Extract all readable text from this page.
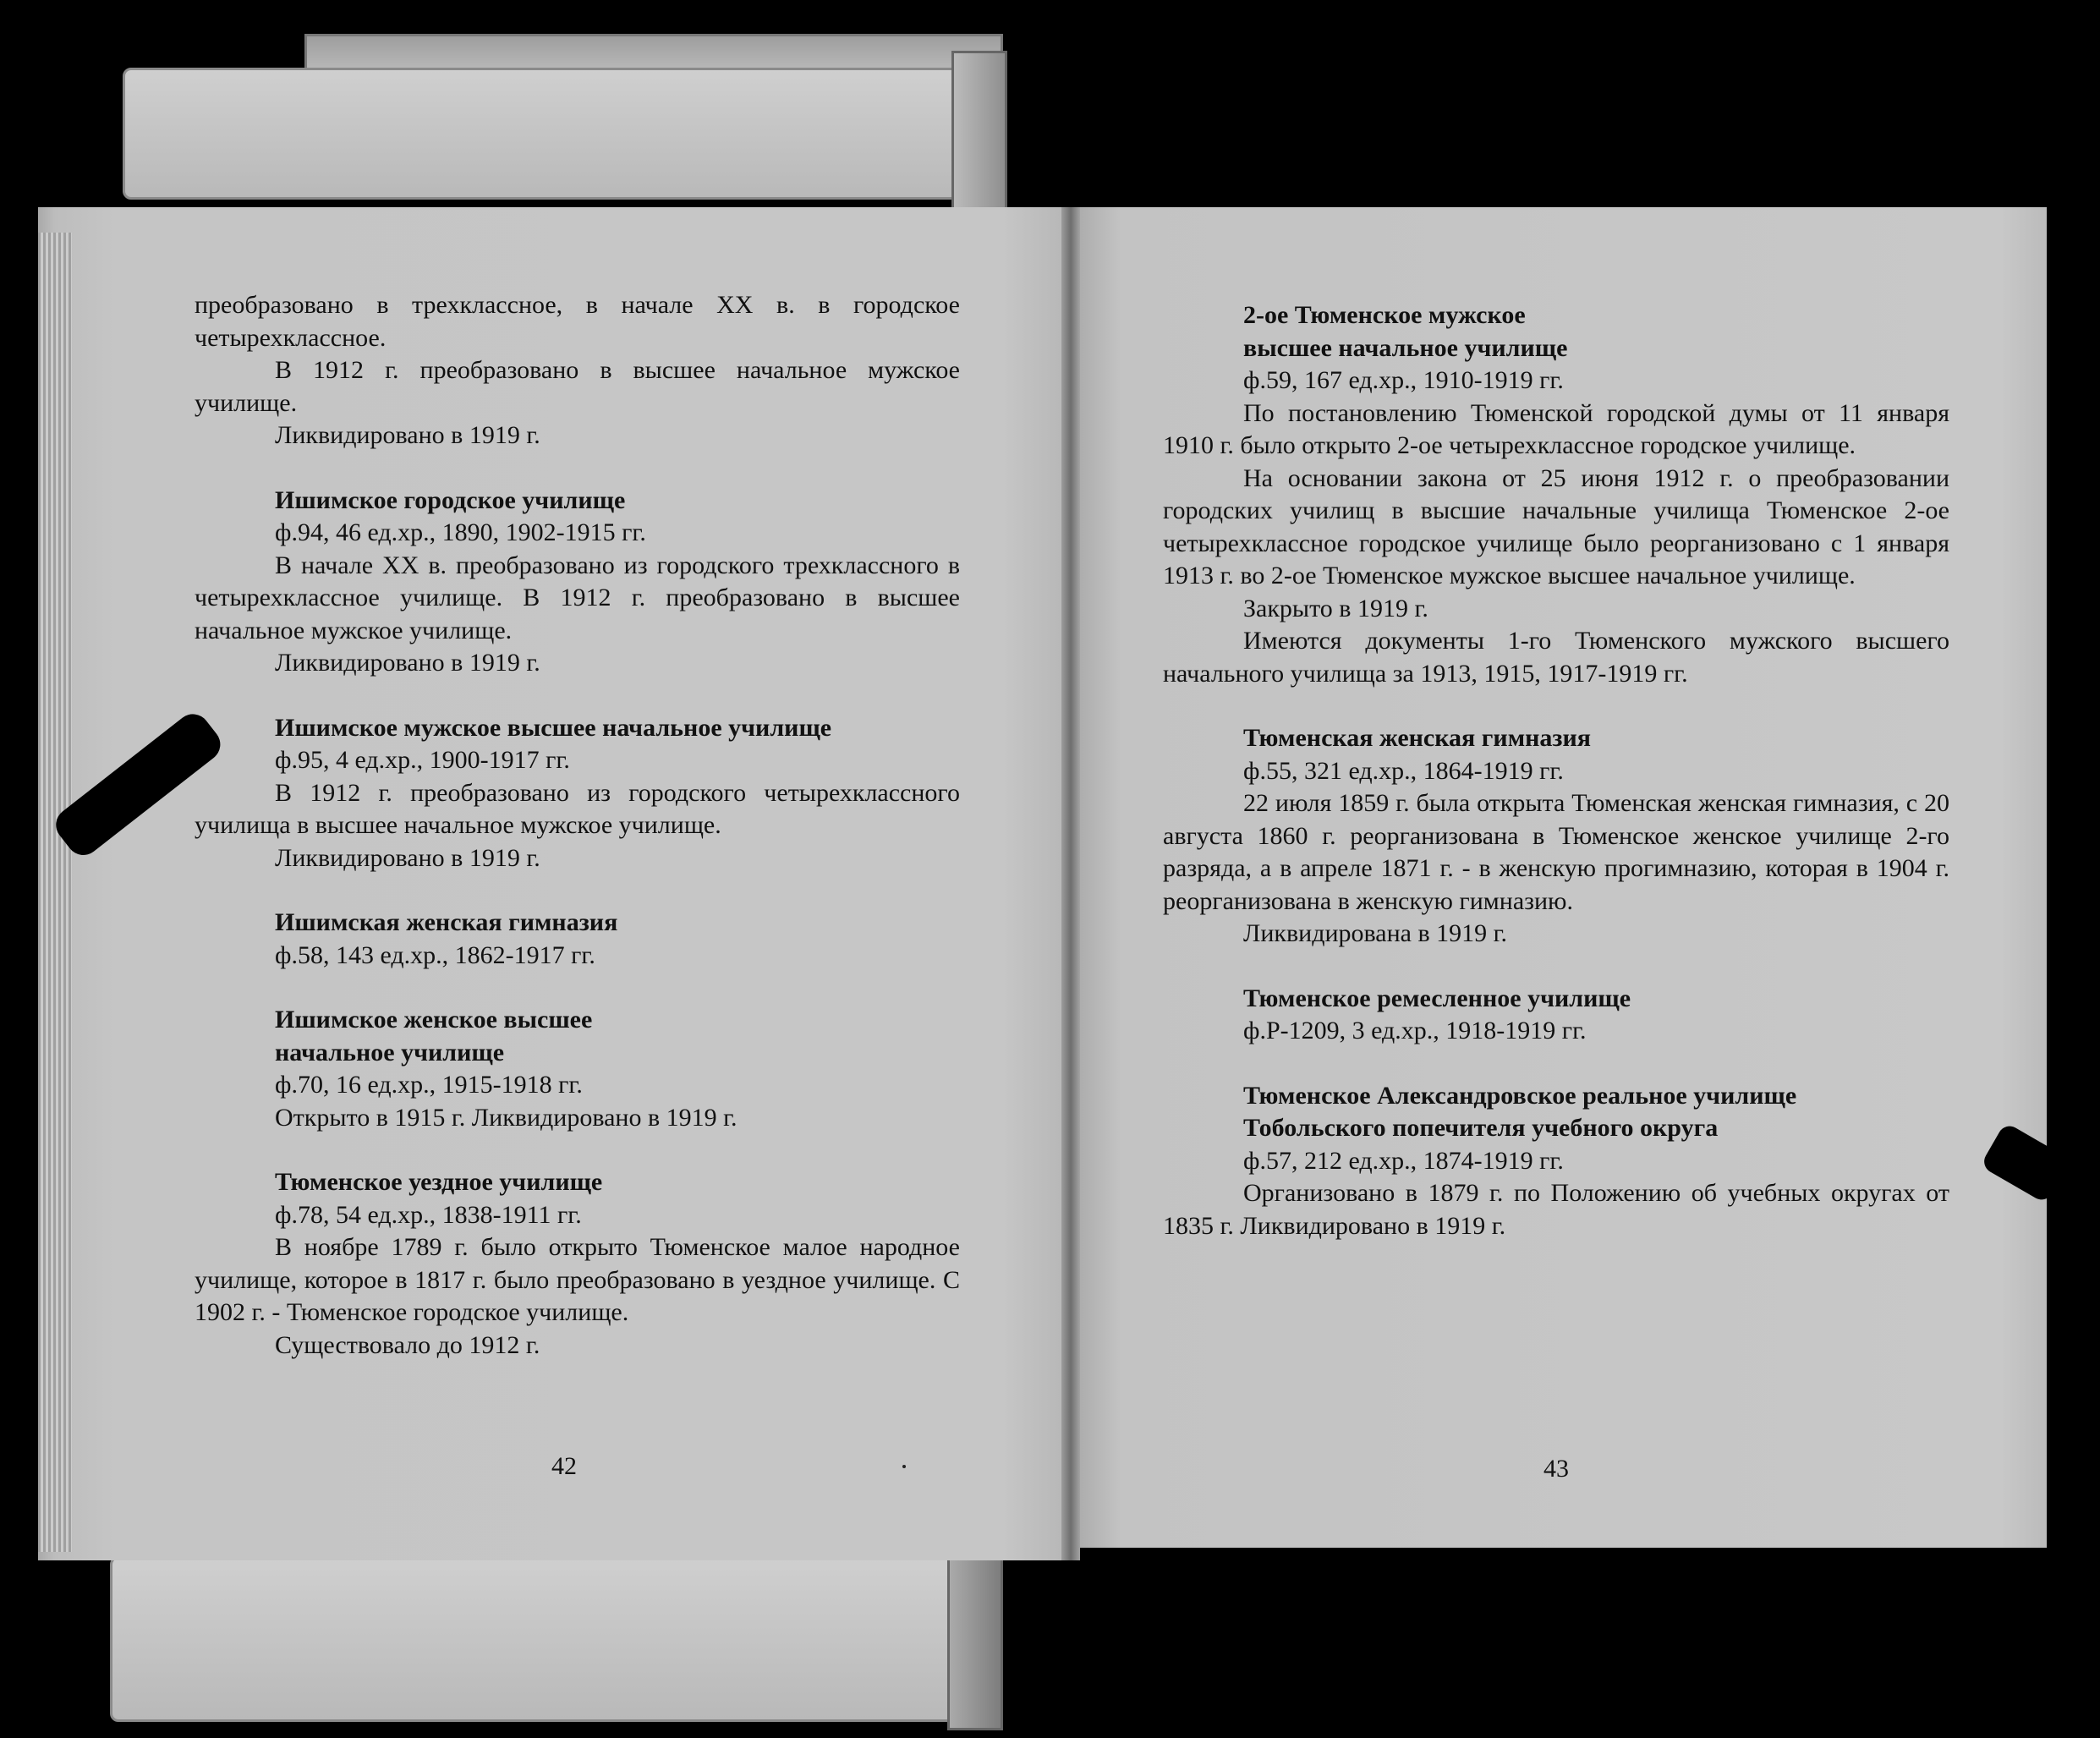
преобразовано в трехклассное, в начале XX в. в городское четырехклассное.

В 1912 г. преобразовано в высшее начальное мужское училище.

Ликвидировано в 1919 г.

Ишимское городское училище
ф.94, 46 ед.хр., 1890, 1902-1915 гг.

В начале XX в. преобразовано из городского трехклассного в четырехклассное училище. В 1912 г. преобразовано в высшее начальное мужское училище.

Ликвидировано в 1919 г.

Ишимское мужское высшее начальное училище
ф.95, 4 ед.хр., 1900-1917 гг.

В 1912 г. преобразовано из городского четырехклассного училища в высшее начальное мужское училище.

Ликвидировано в 1919 г.

Ишимская женская гимназия
ф.58, 143 ед.хр., 1862-1917 гг.
Ишимское женское высшее
начальное училище
ф.70, 16 ед.хр., 1915-1918 гг.

Открыто в 1915 г. Ликвидировано в 1919 г.

Тюменское уездное училище
ф.78, 54 ед.хр., 1838-1911 гг.

В ноябре 1789 г. было открыто Тюменское малое народное училище, которое в 1817 г. было преобразовано в уездное училище. С 1902 г. - Тюменское городское училище.

Существовало до 1912 г.

2-ое Тюменское мужское
высшее начальное училище
ф.59, 167 ед.хр., 1910-1919 гг.

По постановлению Тюменской городской думы от 11 января 1910 г. было открыто 2-ое четырехклассное городское училище.

На основании закона от 25 июня 1912 г. о преобразовании городских училищ в высшие начальные училища Тюменское 2-ое четырехклассное городское училище было реорганизовано с 1 января 1913 г. во 2-ое Тюменское мужское высшее начальное училище.

Закрыто в 1919 г.

Имеются документы 1-го Тюменского мужского высшего начального училища за 1913, 1915, 1917-1919 гг.

Тюменская женская гимназия
ф.55, 321 ед.хр., 1864-1919 гг.

22 июля 1859 г. была открыта Тюменская женская гимназия, с 20 августа 1860 г. реорганизована в Тюменское женское училище 2-го разряда, а в апреле 1871 г. - в женскую прогимназию, которая в 1904 г. реорганизована в женскую гимназию.

Ликвидирована в 1919 г.

Тюменское ремесленное училище
ф.Р-1209, 3 ед.хр., 1918-1919 гг.
Тюменское Александровское реальное училище
Тобольского попечителя учебного округа
ф.57, 212 ед.хр., 1874-1919 гг.

Организовано в 1879 г. по Положению об учебных округах от 1835 г. Ликвидировано в 1919 г.

42	43
